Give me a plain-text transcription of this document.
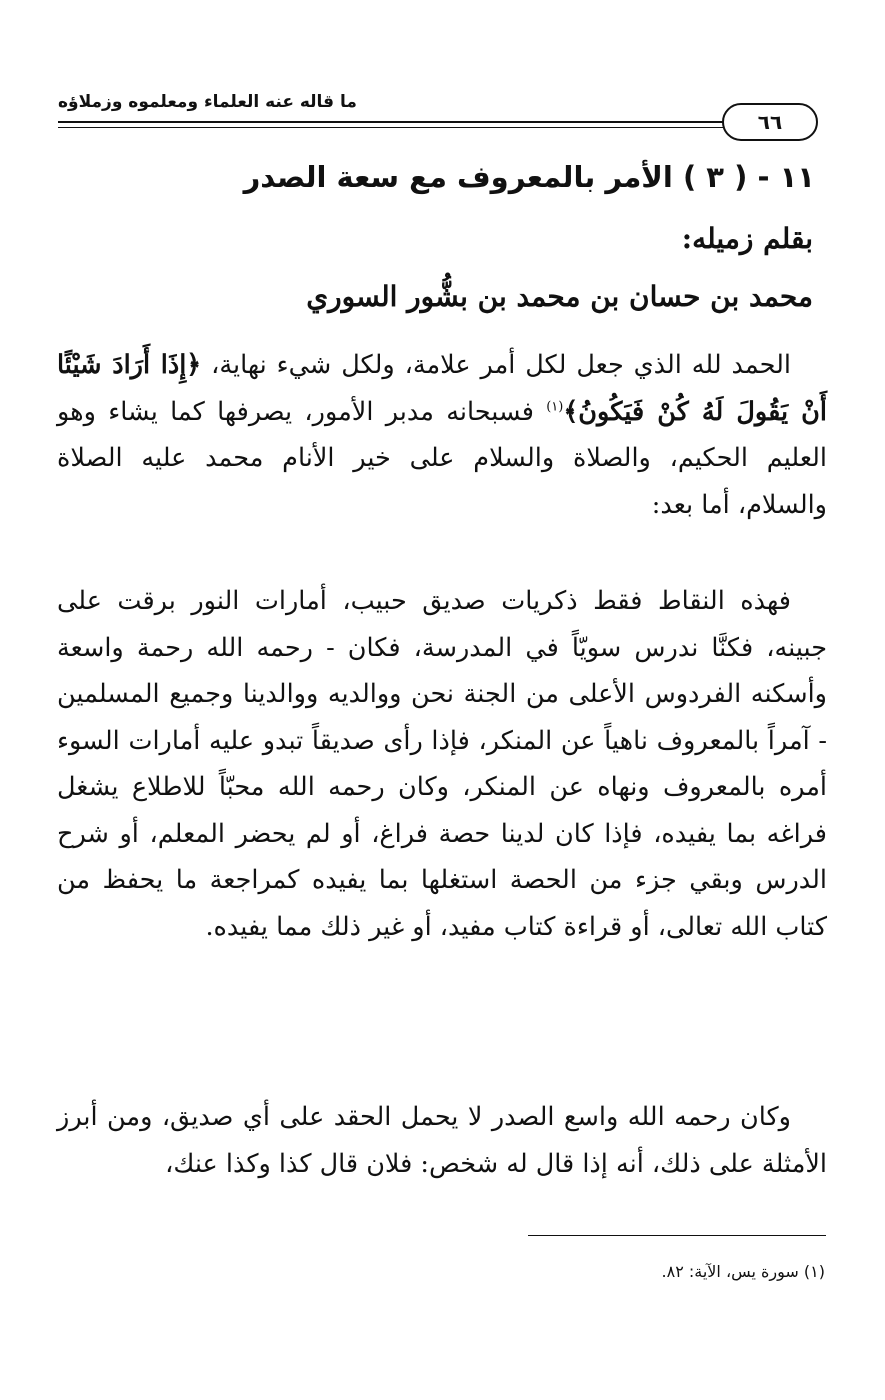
ما قاله عنه العلماء ومعلموه وزملاؤه
٦٦
١١ - ( ٣ ) الأمر بالمعروف مع سعة الصدر
بقلم زميله:
محمد بن حسان بن محمد بن بشُّور السوري

الحمد لله الذي جعل لكل أمر علامة، ولكل شيء نهاية، ﴿إِذَا أَرَادَ شَيْئًا أَنْ يَقُولَ لَهُ كُنْ فَيَكُونُ﴾$^{(١)}$ فسبحانه مدبر الأمور، يصرفها كما يشاء وهو العليم الحكيم، والصلاة والسلام على خير الأنام محمد عليه الصلاة والسلام، أما بعد:

فهذه النقاط فقط ذكريات صديق حبيب، أمارات النور برقت على جبينه، فكنَّا ندرس سويّاً في المدرسة، فكان - رحمه الله رحمة واسعة وأسكنه الفردوس الأعلى من الجنة نحن ووالديه ووالدينا وجميع المسلمين - آمراً بالمعروف ناهياً عن المنكر، فإذا رأى صديقاً تبدو عليه أمارات السوء أمره بالمعروف ونهاه عن المنكر، وكان رحمه الله محبّاً للاطلاع يشغل فراغه بما يفيده، فإذا كان لدينا حصة فراغ، أو لم يحضر المعلم، أو شرح الدرس وبقي جزء من الحصة استغلها بما يفيده كمراجعة ما يحفظ من كتاب الله تعالى، أو قراءة كتاب مفيد، أو غير ذلك مما يفيده.

وكان رحمه الله واسع الصدر لا يحمل الحقد على أي صديق، ومن أبرز الأمثلة على ذلك، أنه إذا قال له شخص: فلان قال كذا وكذا عنك،

(١) سورة يس، الآية: ٨٢.
